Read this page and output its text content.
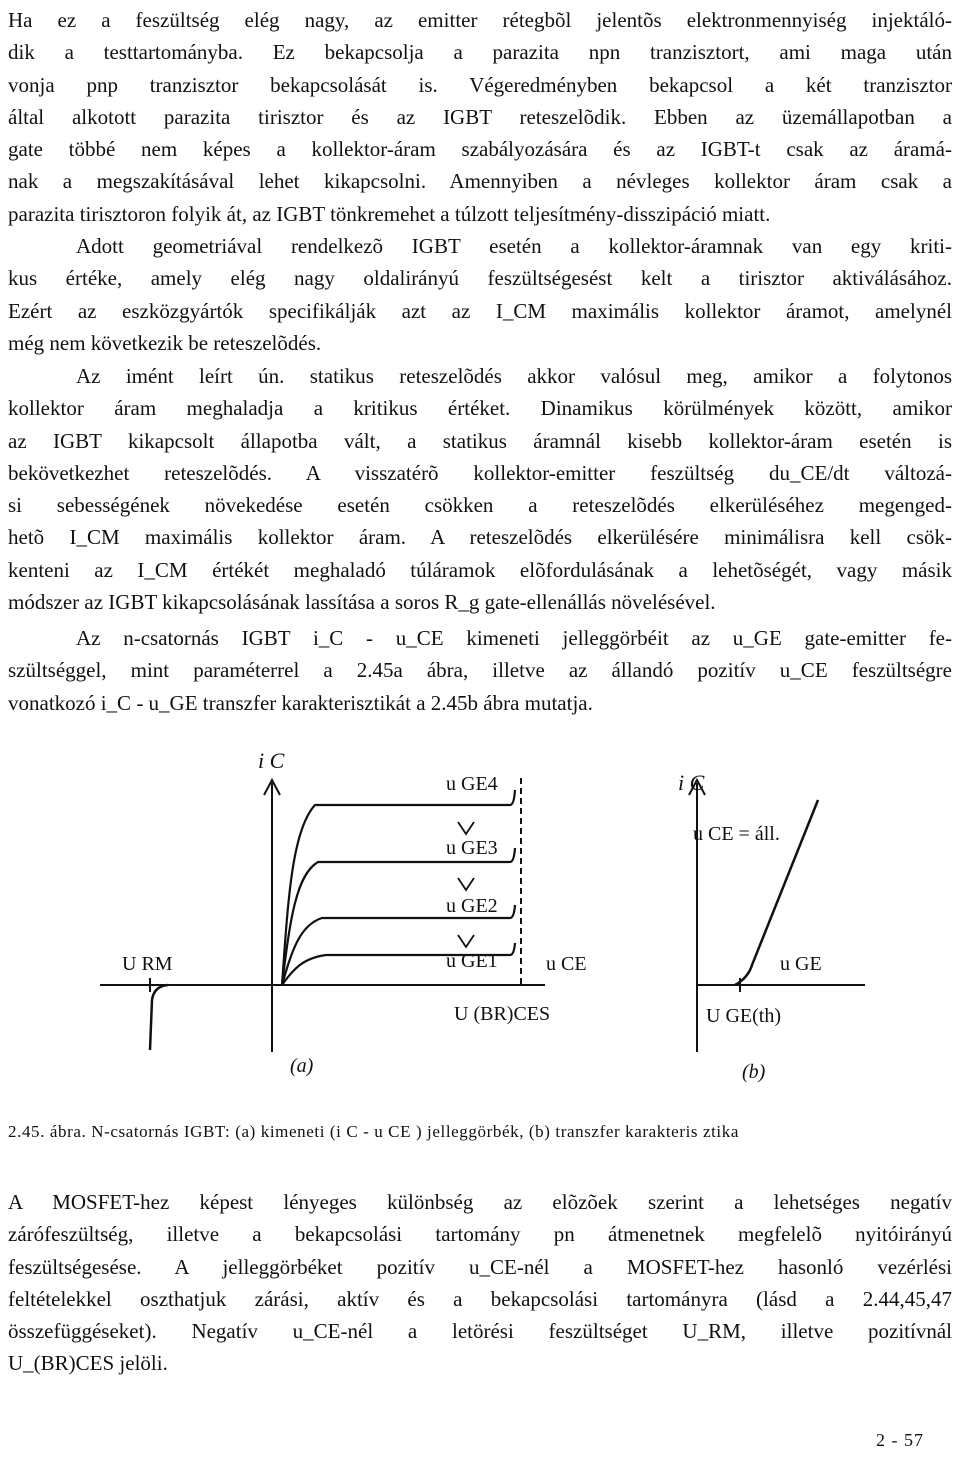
Ha ez a feszültség elég nagy, az emitter rétegbõl jelentõs elektronmennyiség injektáló-
dik a testtartományba. Ez bekapcsolja a parazita npn tranzisztort, ami maga után
vonja pnp tranzisztor bekapcsolását is. Végeredményben bekapcsol a két tranzisztor
által alkotott parazita tirisztor és az IGBT reteszelõdik. Ebben az üzemállapotban a
gate többé nem képes a kollektor-áram szabályozására és az IGBT-t csak az áramá-
nak a megszakításával lehet kikapcsolni. Amennyiben a névleges kollektor áram csak a
parazita tirisztoron folyik át, az IGBT tönkremehet a túlzott teljesítmény-disszipáció miatt.
Adott geometriával rendelkezõ IGBT esetén a kollektor-áramnak van egy kriti-
kus értéke, amely elég nagy oldalirányú feszültségesést kelt a tirisztor aktiválásához.
Ezért az eszközgyártók specifikálják azt az I_CM maximális kollektor áramot, amelynél
még nem következik be reteszelõdés.
Az imént leírt ún. statikus reteszelõdés akkor valósul meg, amikor a folytonos
kollektor áram meghaladja a kritikus értéket. Dinamikus körülmények között, amikor
az IGBT kikapcsolt állapotba vált, a statikus áramnál kisebb kollektor-áram esetén is
bekövetkezhet reteszelõdés. A visszatérõ kollektor-emitter feszültség du_CE/dt változá-
si sebességének növekedése esetén csökken a reteszelõdés elkerüléséhez megenged-
hetõ I_CM maximális kollektor áram. A reteszelõdés elkerülésére minimálisra kell csök-
kenteni az I_CM értékét meghaladó túláramok elõfordulásának a lehetõségét, vagy másik
módszer az IGBT kikapcsolásának lassítása a soros R_g gate-ellenállás növelésével.
Az n-csatornás IGBT i_C - u_CE kimeneti jelleggörbéit az u_GE gate-emitter fe-
szültséggel, mint paraméterrel a 2.45a ábra, illetve az állandó pozitív u_CE feszültségre
vonatkozó i_C - u_GE transzfer karakterisztikát a 2.45b ábra mutatja.
i C
u GE4
u GE3
u GE2
u GE1 u CE
U RM
U (BR)CES
(a)
i C
u CE = áll.
u GE
U GE(th)
(b)
2.45. ábra. N-csatornás IGBT: (a) kimeneti (i C - u CE ) jelleggörbék, (b) transzfer karakteris ztika
A MOSFET-hez képest lényeges különbség az elõzõek szerint a lehetséges negatív
zárófeszültség, illetve a bekapcsolási tartomány pn átmenetnek megfelelõ nyitóirányú
feszültségesése. A jelleggörbéket pozitív u_CE-nél a MOSFET-hez hasonló vezérlési
feltételekkel oszthatjuk zárási, aktív és a bekapcsolási tartományra (lásd a 2.44,45,47
összefüggéseket). Negatív u_CE-nél a letörési feszültséget U_RM, illetve pozitívnál
U_(BR)CES jelöli.
2 - 57
